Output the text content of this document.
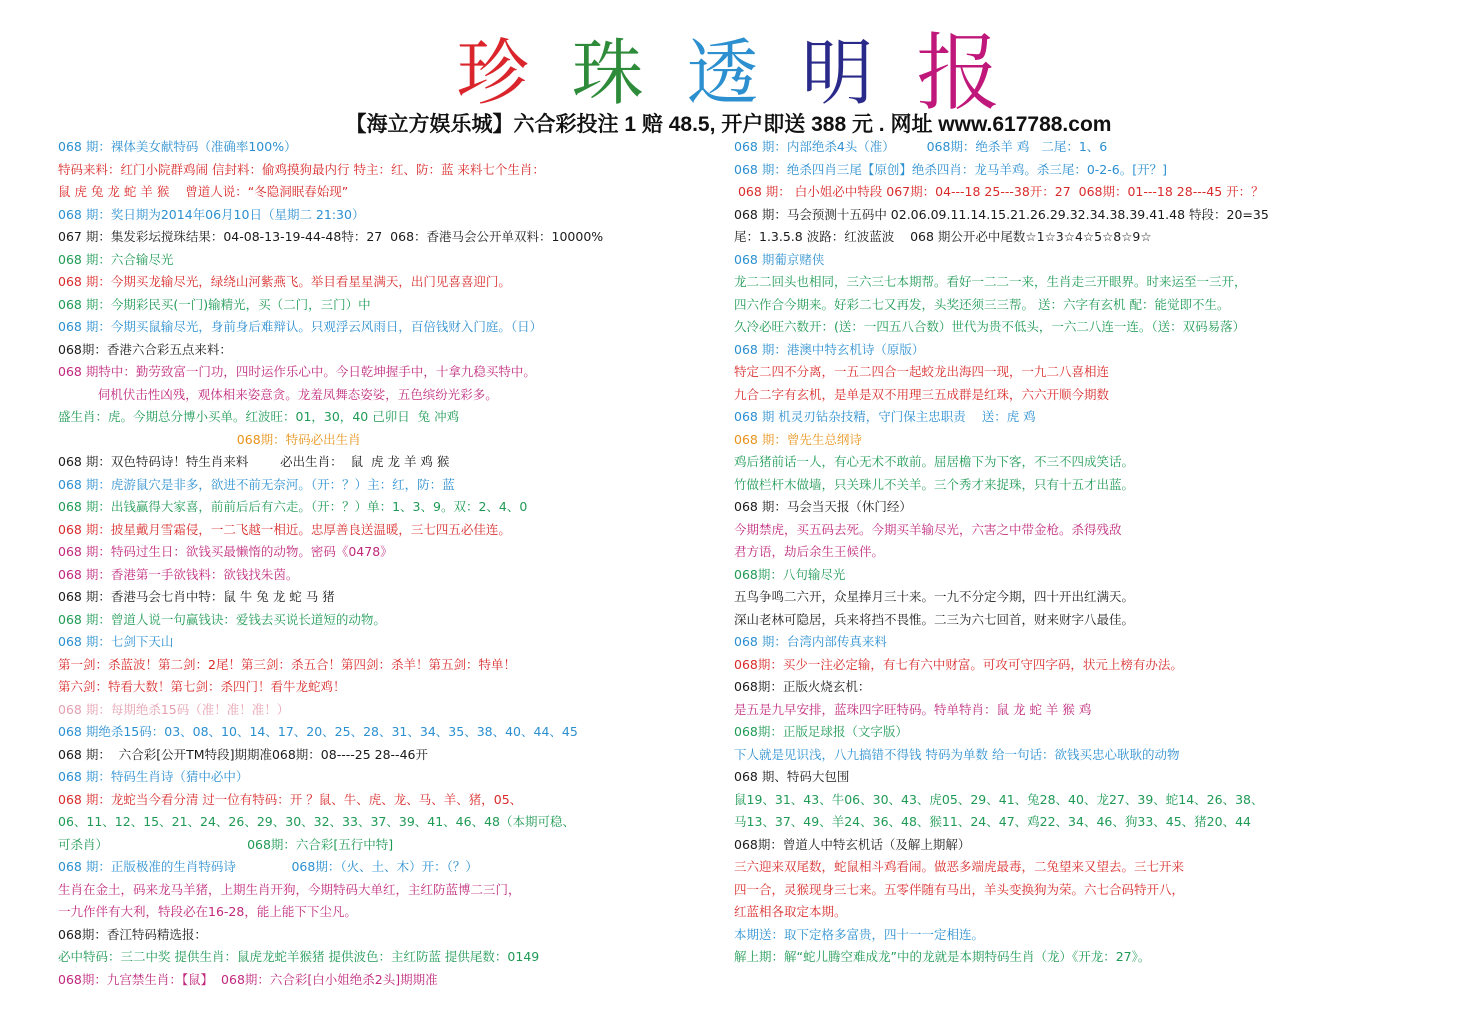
珍 珠 透 明 报
【海立方娱乐城】六合彩投注 1 赔 48.5, 开户即送 388 元 . 网址 www.617788.com
068 期：裸体美女献特码（准确率100%）
特码来料：红门小院群鸡闹 信封料：偷鸡摸狗最内行 特主：红、防：蓝 来料七个生肖：
鼠 虎 兔 龙 蛇 羊 猴    曾道人说：“冬隐洞眠春始现”
068 期：奖日期为2014年06月10日（星期二 21:30）
067 期：集发彩坛搅珠结果：04-08-13-19-44-48特：27  068：香港马会公开单双料：10000%
068 期：六合输尽光
068 期：今期买龙输尽光，绿绕山河紫燕飞。举目看星星满天，出门见喜喜迎门。
068 期：今期彩民买(一门)输精光，买（二门，三门）中
068 期：今期买鼠输尽光，身前身后难辩认。只观浮云风雨日，百倍钱财入门庭。（日）
068期：香港六合彩五点来料：
068 期特中：勤劳致富一门功，四时运作乐心中。今日乾坤握手中，十拿九稳买特中。
伺机伏击性凶残，观体相来姿意贪。龙羞凤舞态姿娑，五色缤纷光彩多。
盛生肖：虎。今期总分博小买单。红波旺：01，30，40 己卯日  兔 冲鸡
068期：特码必出生肖
068 期：双色特码诗！特生肖来料        必出生肖：  鼠  虎 龙 羊 鸡 猴
068 期：虎游鼠穴是非多，欲进不前无奈河。（开：？）主：红，防：蓝
068 期：出钱赢得大家喜，前前后后有六走。（开：？）单：1、3、9。双：2、4、0
068 期：披星戴月雪霜侵，一二飞越一相近。忠厚善良送温暖，三七四五必佳连。
068 期：特码过生日：欲钱买最懒惰的动物。密码《0478》
068 期：香港第一手欲钱料：欲钱找朱茵。
068 期：香港马会七肖中特：鼠 牛 兔 龙 蛇 马 猪
068 期：曾道人说一句赢钱诀：爱钱去买说长道短的动物。
068 期：七剑下天山
第一剑：杀蓝波！第二剑：2尾！第三剑：杀五合！第四剑：杀羊！第五剑：特单！
第六剑：特看大数！第七剑：杀四门！看牛龙蛇鸡！
068 期：每期绝杀15码（准！准！准！）
068 期绝杀15码：03、08、10、14、17、20、25、28、31、34、35、38、40、44、45
068 期：  六合彩[公开TM特段]期期准068期：08----25 28--46开
068 期：特码生肖诗（猜中必中）
068 期：龙蛇当今看分清 过一位有特码：开 ？鼠、牛、虎、龙、马、羊、猪，05、
06、11、12、15、21、24、26、29、30、32、33、37、39、41、46、48（本期可稳、
可杀肖）                                   068期：六合彩[五行中特]
068 期：正版极准的生肖特码诗              068期：（火、土、木）开：（？）
生肖在金土，码来龙马羊猪，上期生肖开狗，今期特码大单红，主红防蓝博二三门，
一九作伴有大利，特段必在16-28，能上能下下尘凡。
068期：香江特码精选报：
必中特码：三二中奖 提供生肖：鼠虎龙蛇羊猴猪 提供波色：主红防蓝 提供尾数：0149
068期：九宫禁生肖：【鼠】  068期：六合彩[白小姐绝杀2头]期期准
068 期：内部绝杀4头（准）        068期：绝杀羊 鸡   二尾：1、6
068 期：绝杀四肖三尾【原创】绝杀四肖：龙马羊鸡。杀三尾：0-2-6。[开？]
068 期： 白小姐必中特段 067期：04---18 25---38开：27  068期：01---18 28---45 开：？
068 期：马会预测十五码中 02.06.09.11.14.15.21.26.29.32.34.38.39.41.48 特段：20=35
尾：1.3.5.8 波路：红波蓝波    068 期公开必中尾数☆1☆3☆4☆5☆8☆9☆
068 期葡京赌侠
龙二二回头也相同，三六三七本期帮。看好一二二一来，生肖走三开眼界。时来运至一三开，
四六作合今期来。好彩二七又再发，头奖还须三三帮。 送：六字有玄机 配：能觉即不生。
久冷必旺六数开：(送：一四五八合数）世代为贵不低头，一六二八连一连。（送：双码易落）
068 期：港澳中特玄机诗（原版）
特定二四不分离，一五二四合一起蛟龙出海四一现，一九二八喜相连
九合二字有玄机，是单是双不用理三五成群是红珠，六六开顺今期数
068 期 机灵刃钻杂技精，守门保主忠职责    送：虎 鸡
068 期：曾先生总纲诗
鸡后猪前话一人，有心无术不敢前。屈居檐下为下客，不三不四成笑话。
竹做栏杆木做墙，只关珠儿不关羊。三个秀才来捉珠，只有十五才出蓝。
068 期：马会当天报（休门经）
今期禁虎，买五码去死。今期买羊输尽光，六害之中带金枪。杀得残敌
君方语，劫后余生王候伴。
068期：八句输尽光
五鸟争鸣二六开，众星捧月三十来。一九不分定今期，四十开出红满天。
深山老林可隐居，兵来将挡不畏惟。二三为六七回首，财来财字八最佳。
068 期：台湾内部传真来料
068期：买少一注必定输，有七有六中财富。可攻可守四字码，状元上榜有办法。
068期：正版火烧玄机：
是五是九早安排，蓝珠四字旺特码。特单特肖：鼠 龙 蛇 羊 猴 鸡
068期：正版足球报（文字版）
下人就是见识浅，八九搞错不得钱 特码为单数 给一句话：欲钱买忠心耿耿的动物
068 期、特码大包围
鼠19、31、43、牛06、30、43、虎05、29、41、兔28、40、龙27、39、蛇14、26、38、
马13、37、49、羊24、36、48、猴11、24、47、鸡22、34、46、狗33、45、猪20、44
068期：曾道人中特玄机话（及解上期解）
三六迎来双尾数，蛇鼠相斗鸡看闹。做恶多端虎最毒，二兔望来又望去。三七开来
四一合，灵猴现身三七来。五零伴随有马出，羊头变换狗为荣。六七合码特开八，
红蓝相各取定本期。
本期送：取下定格多富贵，四十一一定相连。
解上期：解“蛇儿腾空难成龙”中的龙就是本期特码生肖（龙）《开龙：27》。
